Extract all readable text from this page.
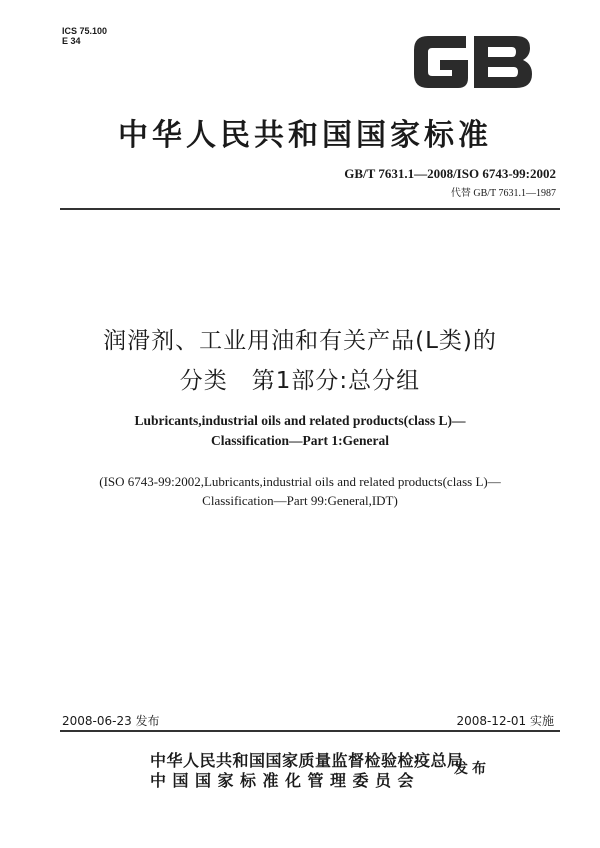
ICS 75.100
E 34
中华人民共和国国家标准
GB/T 7631.1—2008/ISO 6743-99:2002
代替 GB/T 7631.1—1987
润滑剂、工业用油和有关产品(L类)的
分类　第1部分:总分组
Lubricants,industrial oils and related products(class L)—
Classification—Part 1:General
(ISO 6743-99:2002,Lubricants,industrial oils and related products(class L)—
Classification—Part 99:General,IDT)
2008-06-23 发布	2008-12-01 实施
中华人民共和国国家质量监督检验检疫总局
中国国家标准化管理委员会
发布
